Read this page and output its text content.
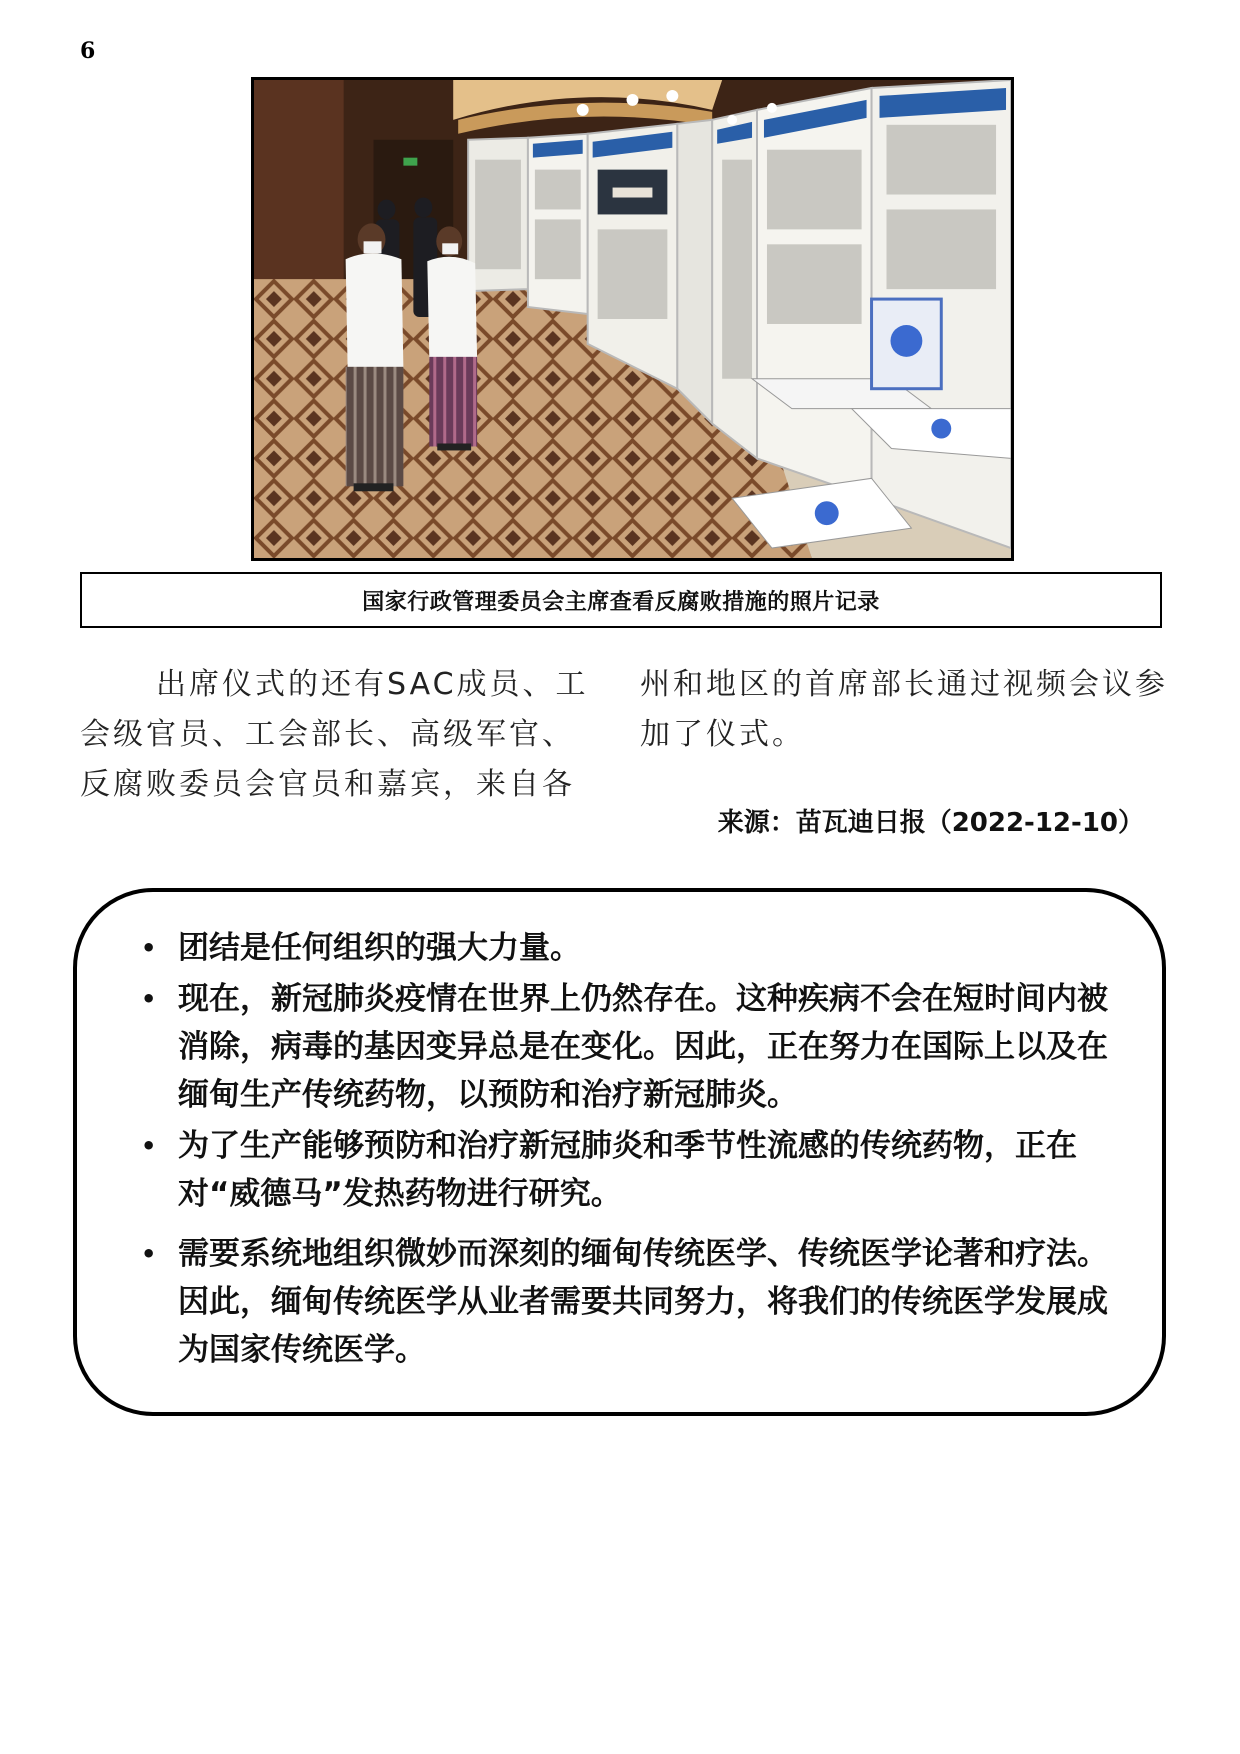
6
国家行政管理委员会主席查看反腐败措施的照片记录

出席仪式的还有SAC成员、工会级官员、工会部长、高级军官、反腐败委员会官员和嘉宾，来自各

州和地区的首席部长通过视频会议参加了仪式。

来源：苗瓦迪日报（2022-12-10）
• 团结是任何组织的强大力量。
• 现在，新冠肺炎疫情在世界上仍然存在。这种疾病不会在短时间内被消除，病毒的基因变异总是在变化。因此，正在努力在国际上以及在缅甸生产传统药物，以预防和治疗新冠肺炎。
• 为了生产能够预防和治疗新冠肺炎和季节性流感的传统药物，正在对“威德马”发热药物进行研究。
• 需要系统地组织微妙而深刻的缅甸传统医学、传统医学论著和疗法。因此，缅甸传统医学从业者需要共同努力，将我们的传统医学发展成为国家传统医学。
